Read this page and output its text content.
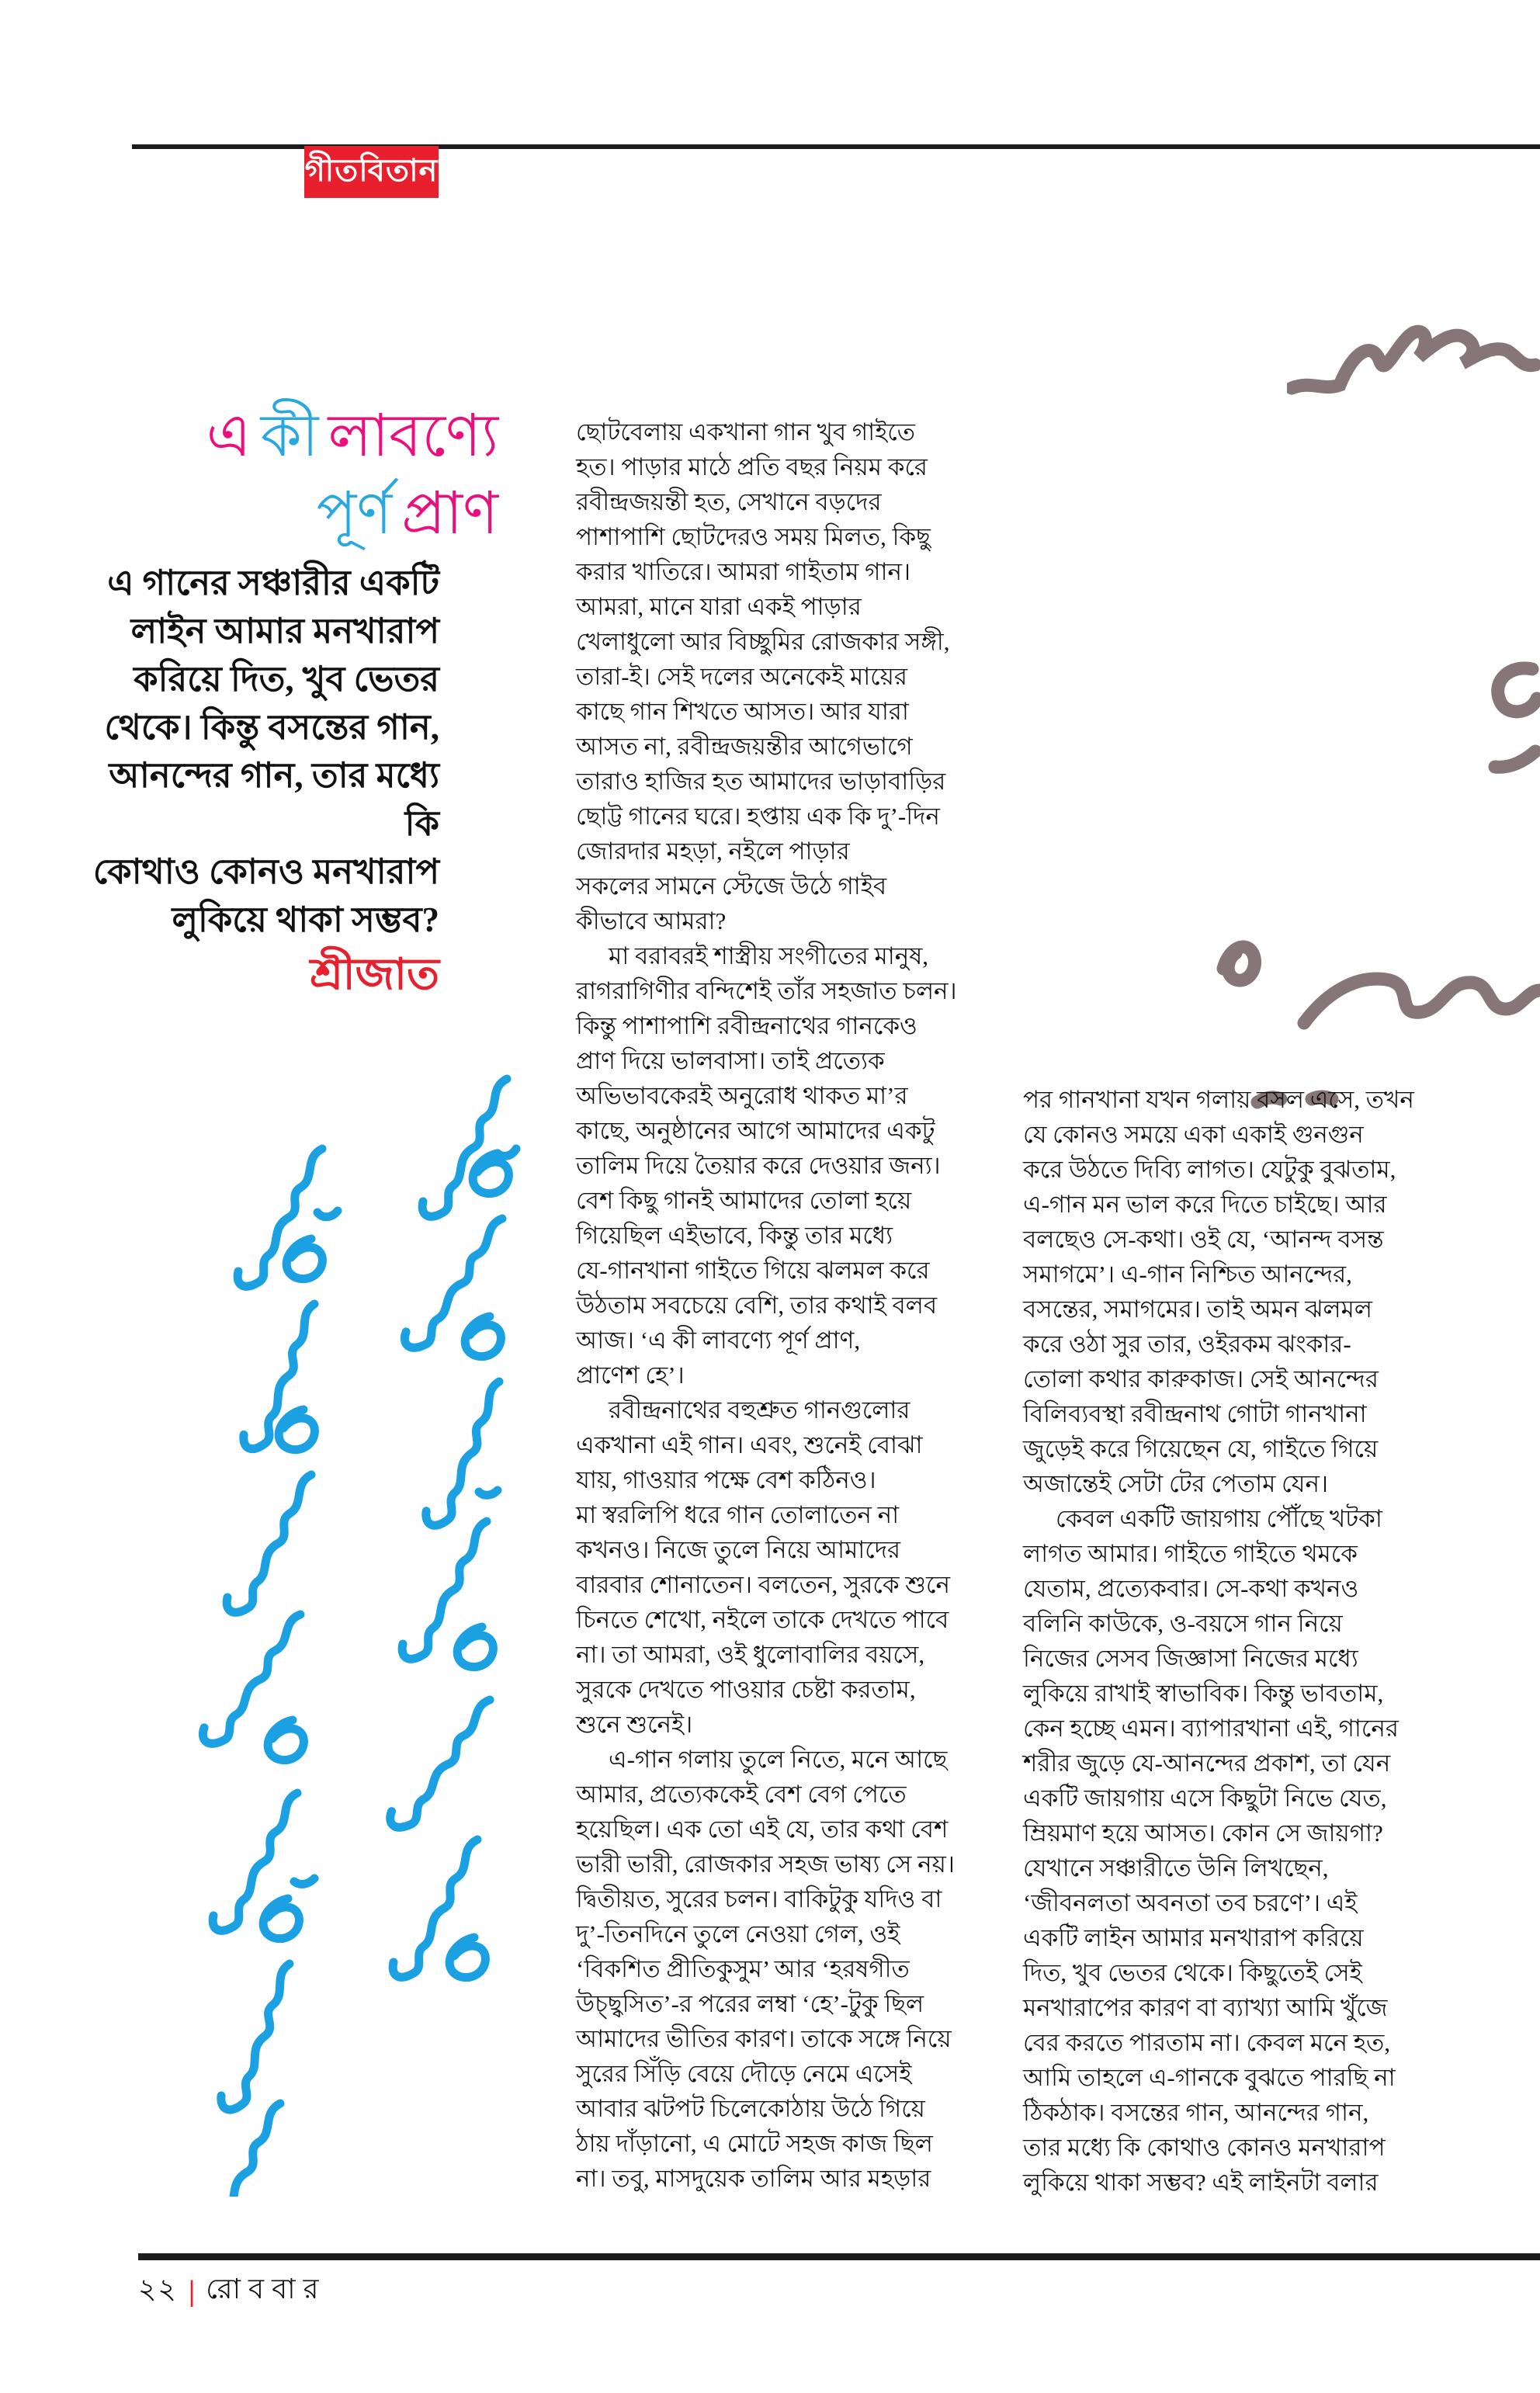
গীতবিতান
এ কী লাবণ্যে
পূর্ণ প্রাণ
এ গানের সঞ্চারীর একটি
লাইন আমার মনখারাপ
করিয়ে দিত, খুব ভেতর
থেকে। কিন্তু বসন্তের গান,
আনন্দের গান, তার মধ্যে কি
কোথাও কোনও মনখারাপ
লুকিয়ে থাকা সম্ভব?
শ্রীজাত
ছোটবেলায় একখানা গান খুব গাইতে
হত। পাড়ার মাঠে প্রতি বছর নিয়ম করে
রবীন্দ্রজয়ন্তী হত, সেখানে বড়দের
পাশাপাশি ছোটদেরও সময় মিলত, কিছু
করার খাতিরে। আমরা গাইতাম গান।
আমরা, মানে যারা একই পাড়ার
খেলাধুলো আর বিচ্ছুমির রোজকার সঙ্গী,
তারা-ই। সেই দলের অনেকেই মায়ের
কাছে গান শিখতে আসত। আর যারা
আসত না, রবীন্দ্রজয়ন্তীর আগেভাগে
তারাও হাজির হত আমাদের ভাড়াবাড়ির
ছোট্ট গানের ঘরে। হপ্তায় এক কি দু’-দিন
জোরদার মহড়া, নইলে পাড়ার
সকলের সামনে স্টেজে উঠে গাইব
কীভাবে আমরা?
মা বরাবরই শাস্ত্রীয় সংগীতের মানুষ,
রাগরাগিণীর বন্দিশেই তাঁর সহজাত চলন।
কিন্তু পাশাপাশি রবীন্দ্রনাথের গানকেও
প্রাণ দিয়ে ভালবাসা। তাই প্রত্যেক
অভিভাবকেরই অনুরোধ থাকত মা’র
কাছে, অনুষ্ঠানের আগে আমাদের একটু
তালিম দিয়ে তৈয়ার করে দেওয়ার জন্য।
বেশ কিছু গানই আমাদের তোলা হয়ে
গিয়েছিল এইভাবে, কিন্তু তার মধ্যে
যে-গানখানা গাইতে গিয়ে ঝলমল করে
উঠতাম সবচেয়ে বেশি, তার কথাই বলব
আজ। ‘এ কী লাবণ্যে পূর্ণ প্রাণ,
প্রাণেশ হে’।
রবীন্দ্রনাথের বহুশ্রুত গানগুলোর
একখানা এই গান। এবং, শুনেই বোঝা
যায়, গাওয়ার পক্ষে বেশ কঠিনও।
মা স্বরলিপি ধরে গান তোলাতেন না
কখনও। নিজে তুলে নিয়ে আমাদের
বারবার শোনাতেন। বলতেন, সুরকে শুনে
চিনতে শেখো, নইলে তাকে দেখতে পাবে
না। তা আমরা, ওই ধুলোবালির বয়সে,
সুরকে দেখতে পাওয়ার চেষ্টা করতাম,
শুনে শুনেই।
এ-গান গলায় তুলে নিতে, মনে আছে
আমার, প্রত্যেককেই বেশ বেগ পেতে
হয়েছিল। এক তো এই যে, তার কথা বেশ
ভারী ভারী, রোজকার সহজ ভাষ্য সে নয়।
দ্বিতীয়ত, সুরের চলন। বাকিটুকু যদিও বা
দু’-তিনদিনে তুলে নেওয়া গেল, ওই
‘বিকশিত প্রীতিকুসুম’ আর ‘হরষগীত
উচ্ছ্বসিত’-র পরের লম্বা ‘হে’-টুকু ছিল
আমাদের ভীতির কারণ। তাকে সঙ্গে নিয়ে
সুরের সিঁড়ি বেয়ে দৌড়ে নেমে এসেই
আবার ঝটপট চিলেকোঠায় উঠে গিয়ে
ঠায় দাঁড়ানো, এ মোটে সহজ কাজ ছিল
না। তবু, মাসদুয়েক তালিম আর মহড়ার
পর গানখানা যখন গলায় বসল এসে, তখন
যে কোনও সময়ে একা একাই গুনগুন
করে উঠতে দিব্যি লাগত। যেটুকু বুঝতাম,
এ-গান মন ভাল করে দিতে চাইছে। আর
বলছেও সে-কথা। ওই যে, ‘আনন্দ বসন্ত
সমাগমে’। এ-গান নিশ্চিত আনন্দের,
বসন্তের, সমাগমের। তাই অমন ঝলমল
করে ওঠা সুর তার, ওইরকম ঝংকার-
তোলা কথার কারুকাজ। সেই আনন্দের
বিলিব্যবস্থা রবীন্দ্রনাথ গোটা গানখানা
জুড়েই করে গিয়েছেন যে, গাইতে গিয়ে
অজান্তেই সেটা টের পেতাম যেন।
কেবল একটি জায়গায় পৌঁছে খটকা
লাগত আমার। গাইতে গাইতে থমকে
যেতাম, প্রত্যেকবার। সে-কথা কখনও
বলিনি কাউকে, ও-বয়সে গান নিয়ে
নিজের সেসব জিজ্ঞাসা নিজের মধ্যে
লুকিয়ে রাখাই স্বাভাবিক। কিন্তু ভাবতাম,
কেন হচ্ছে এমন। ব্যাপারখানা এই, গানের
শরীর জুড়ে যে-আনন্দের প্রকাশ, তা যেন
একটি জায়গায় এসে কিছুটা নিভে যেত,
ম্রিয়মাণ হয়ে আসত। কোন সে জায়গা?
যেখানে সঞ্চারীতে উনি লিখছেন,
‘জীবনলতা অবনতা তব চরণে’। এই
একটি লাইন আমার মনখারাপ করিয়ে
দিত, খুব ভেতর থেকে। কিছুতেই সেই
মনখারাপের কারণ বা ব্যাখ্যা আমি খুঁজে
বের করতে পারতাম না। কেবল মনে হত,
আমি তাহলে এ-গানকে বুঝতে পারছি না
ঠিকঠাক। বসন্তের গান, আনন্দের গান,
তার মধ্যে কি কোথাও কোনও মনখারাপ
লুকিয়ে থাকা সম্ভব? এই লাইনটা বলার
২২ | রোববার
